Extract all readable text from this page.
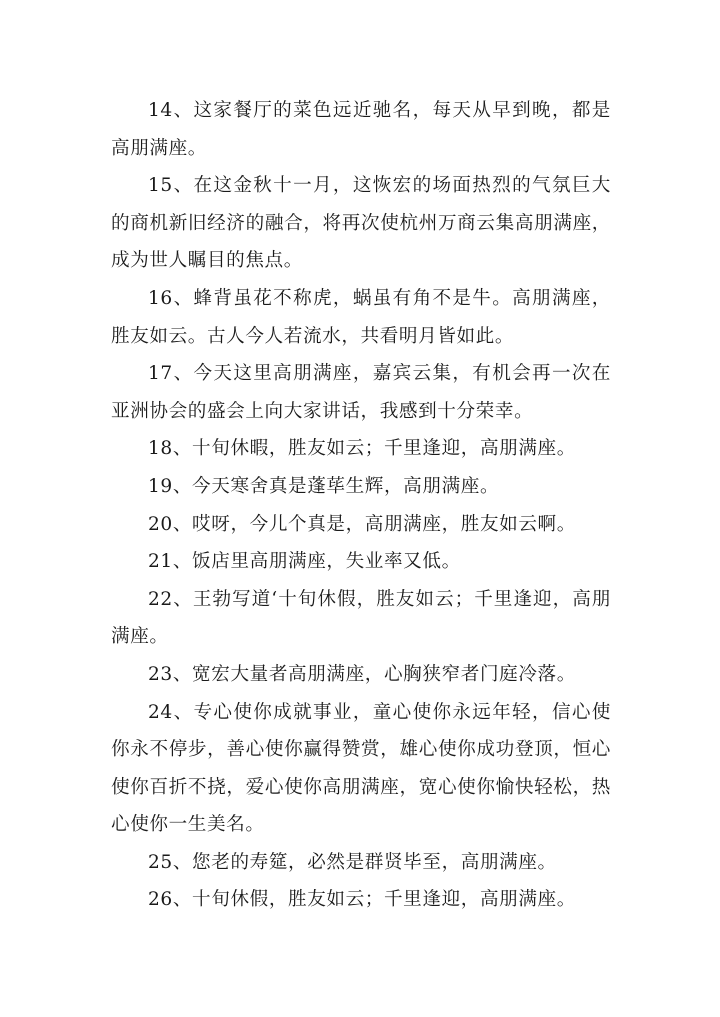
14、这家餐厅的菜色远近驰名，每天从早到晚，都是高朋满座。

15、在这金秋十一月，这恢宏的场面热烈的气氛巨大的商机新旧经济的融合，将再次使杭州万商云集高朋满座，成为世人瞩目的焦点。

16、蜂背虽花不称虎，蜗虽有角不是牛。高朋满座，胜友如云。古人今人若流水，共看明月皆如此。

17、今天这里高朋满座，嘉宾云集，有机会再一次在亚洲协会的盛会上向大家讲话，我感到十分荣幸。

18、十旬休暇，胜友如云；千里逢迎，高朋满座。

19、今天寒舍真是蓬荜生辉，高朋满座。

20、哎呀，今儿个真是，高朋满座，胜友如云啊。

21、饭店里高朋满座，失业率又低。

22、王勃写道‘十旬休假，胜友如云；千里逢迎，高朋满座。

23、宽宏大量者高朋满座，心胸狭窄者门庭冷落。

24、专心使你成就事业，童心使你永远年轻，信心使你永不停步，善心使你赢得赞赏，雄心使你成功登顶，恒心使你百折不挠，爱心使你高朋满座，宽心使你愉快轻松，热心使你一生美名。

25、您老的寿筵，必然是群贤毕至，高朋满座。

26、十旬休假，胜友如云；千里逢迎，高朋满座。
